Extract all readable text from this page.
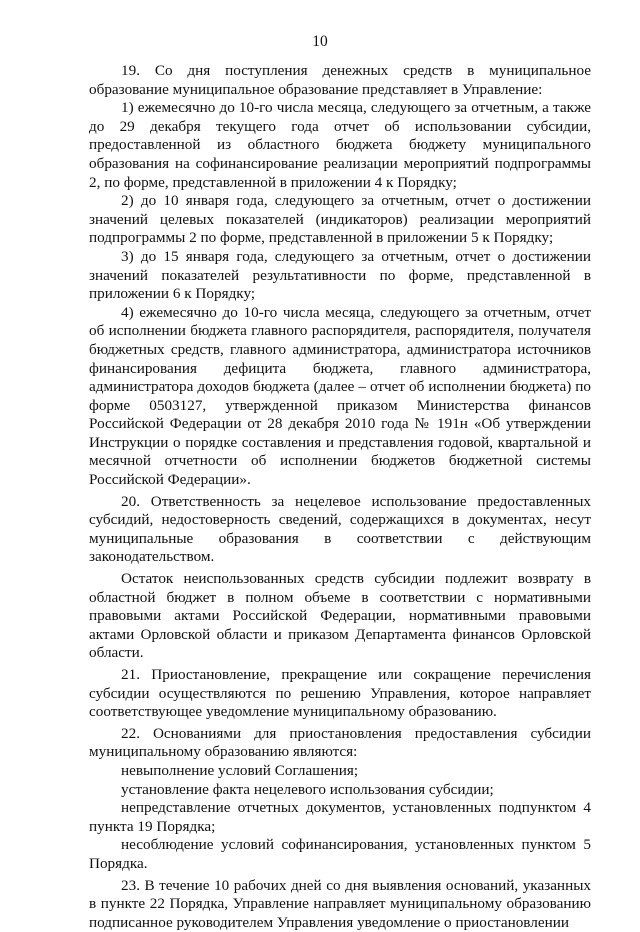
10

19. Со дня поступления денежных средств в муниципальное образование муниципальное образование представляет в Управление:

1) ежемесячно до 10-го числа месяца, следующего за отчетным, а также до 29 декабря текущего года отчет об использовании субсидии, предоставленной из областного бюджета бюджету муниципального образования на софинансирование реализации мероприятий подпрограммы 2, по форме, представленной в приложении 4 к Порядку;

2) до 10 января года, следующего за отчетным, отчет о достижении значений целевых показателей (индикаторов) реализации мероприятий подпрограммы 2 по форме, представленной в приложении 5 к Порядку;

3) до 15 января года, следующего за отчетным, отчет о достижении значений показателей результативности по форме, представленной в приложении 6 к Порядку;

4) ежемесячно до 10-го числа месяца, следующего за отчетным, отчет об исполнении бюджета главного распорядителя, распорядителя, получателя бюджетных средств, главного администратора, администратора источников финансирования дефицита бюджета, главного администратора, администратора доходов бюджета (далее – отчет об исполнении бюджета) по форме 0503127, утвержденной приказом Министерства финансов Российской Федерации от 28 декабря 2010 года № 191н «Об утверждении Инструкции о порядке составления и представления годовой, квартальной и месячной отчетности об исполнении бюджетов бюджетной системы Российской Федерации».

20. Ответственность за нецелевое использование предоставленных субсидий, недостоверность сведений, содержащихся в документах, несут муниципальные образования в соответствии с действующим законодательством.

Остаток неиспользованных средств субсидии подлежит возврату в областной бюджет в полном объеме в соответствии с нормативными правовыми актами Российской Федерации, нормативными правовыми актами Орловской области и приказом Департамента финансов Орловской области.

21. Приостановление, прекращение или сокращение перечисления субсидии осуществляются по решению Управления, которое направляет соответствующее уведомление муниципальному образованию.

22. Основаниями для приостановления предоставления субсидии муниципальному образованию являются:

невыполнение условий Соглашения;

установление факта нецелевого использования субсидии;

непредставление отчетных документов, установленных подпунктом 4 пункта 19 Порядка;

несоблюдение условий софинансирования, установленных пунктом 5 Порядка.

23. В течение 10 рабочих дней со дня выявления оснований, указанных в пункте 22 Порядка, Управление направляет муниципальному образованию подписанное руководителем Управления уведомление о приостановлении
